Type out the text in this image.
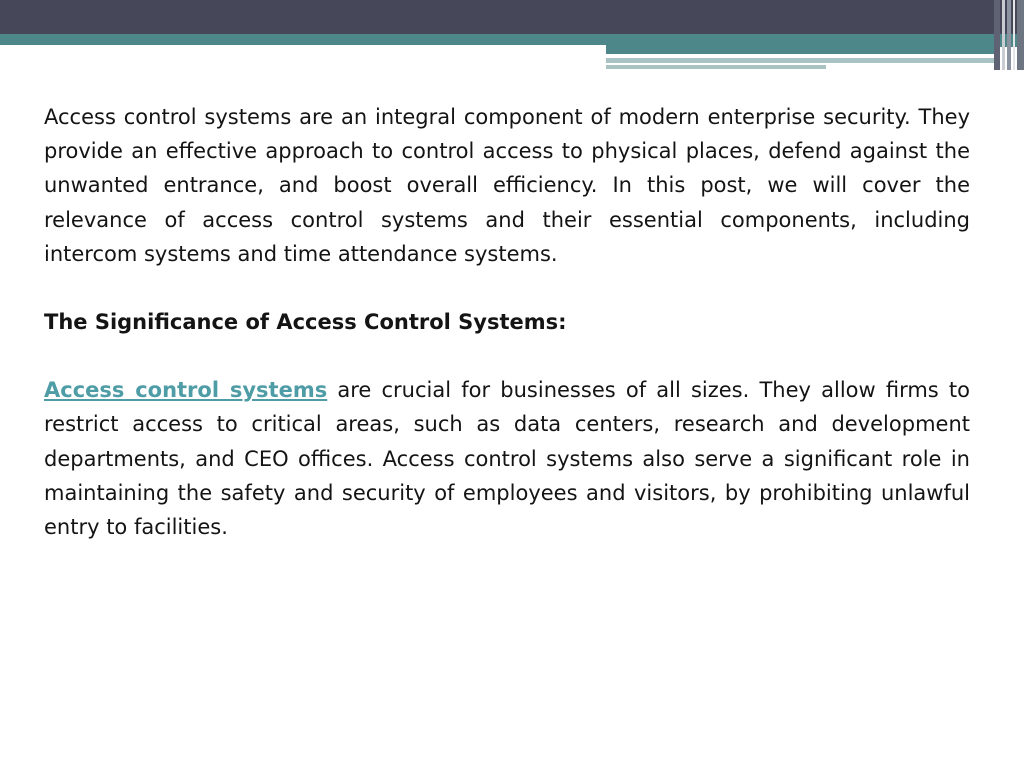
Access control systems are an integral component of modern enterprise security. They provide an effective approach to control access to physical places, defend against the unwanted entrance, and boost overall efficiency. In this post, we will cover the relevance of access control systems and their essential components, including intercom systems and time attendance systems.

The Significance of Access Control Systems:

Access control systems are crucial for businesses of all sizes. They allow firms to restrict access to critical areas, such as data centers, research and development departments, and CEO offices. Access control systems also serve a significant role in maintaining the safety and security of employees and visitors, by prohibiting unlawful entry to facilities.
